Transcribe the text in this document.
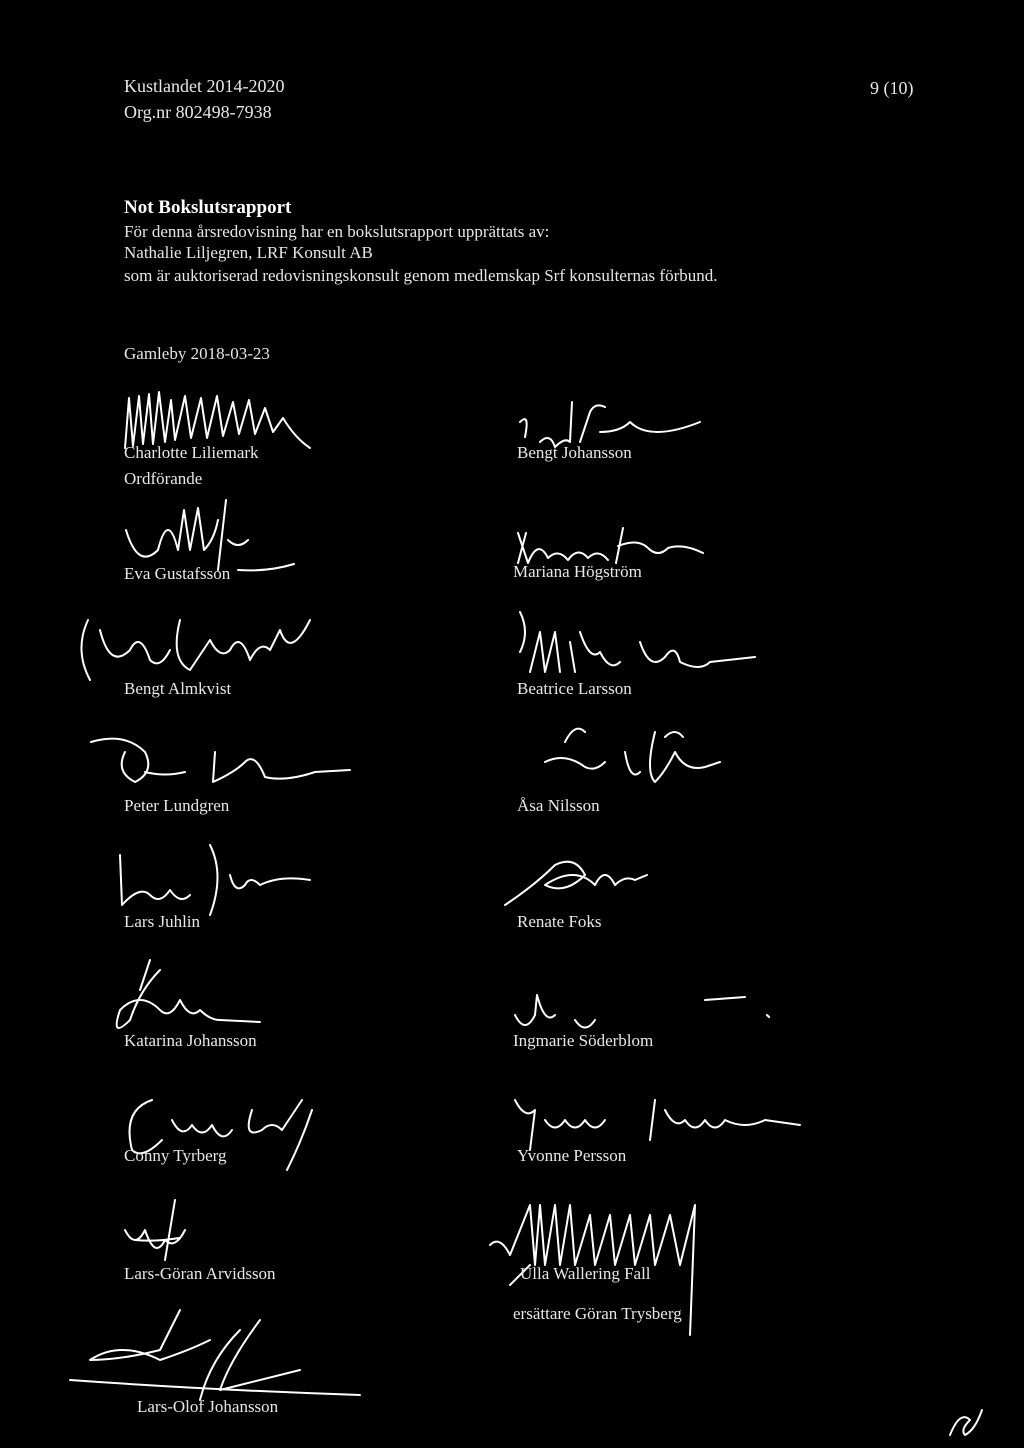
Kustlandet 2014-2020
Org.nr 802498-7938
9 (10)
Not Bokslutsrapport
För denna årsredovisning har en bokslutsrapport upprättats av:
Nathalie Liljegren, LRF Konsult AB
som är auktoriserad redovisningskonsult genom medlemskap Srf konsulternas förbund.
Gamleby 2018-03-23
Charlotte Liliemark
Ordförande
Eva Gustafsson
Bengt Almkvist
Peter Lundgren
Lars Juhlin
Katarina Johansson
Conny Tyrberg
Lars-Göran Arvidsson
Lars-Olof Johansson
Bengt Johansson
Mariana Högström
Beatrice Larsson
Åsa Nilsson
Renate Foks
Ingmarie Söderblom
Yvonne Persson
Ulla Wallering Fall
ersättare Göran Trysberg
